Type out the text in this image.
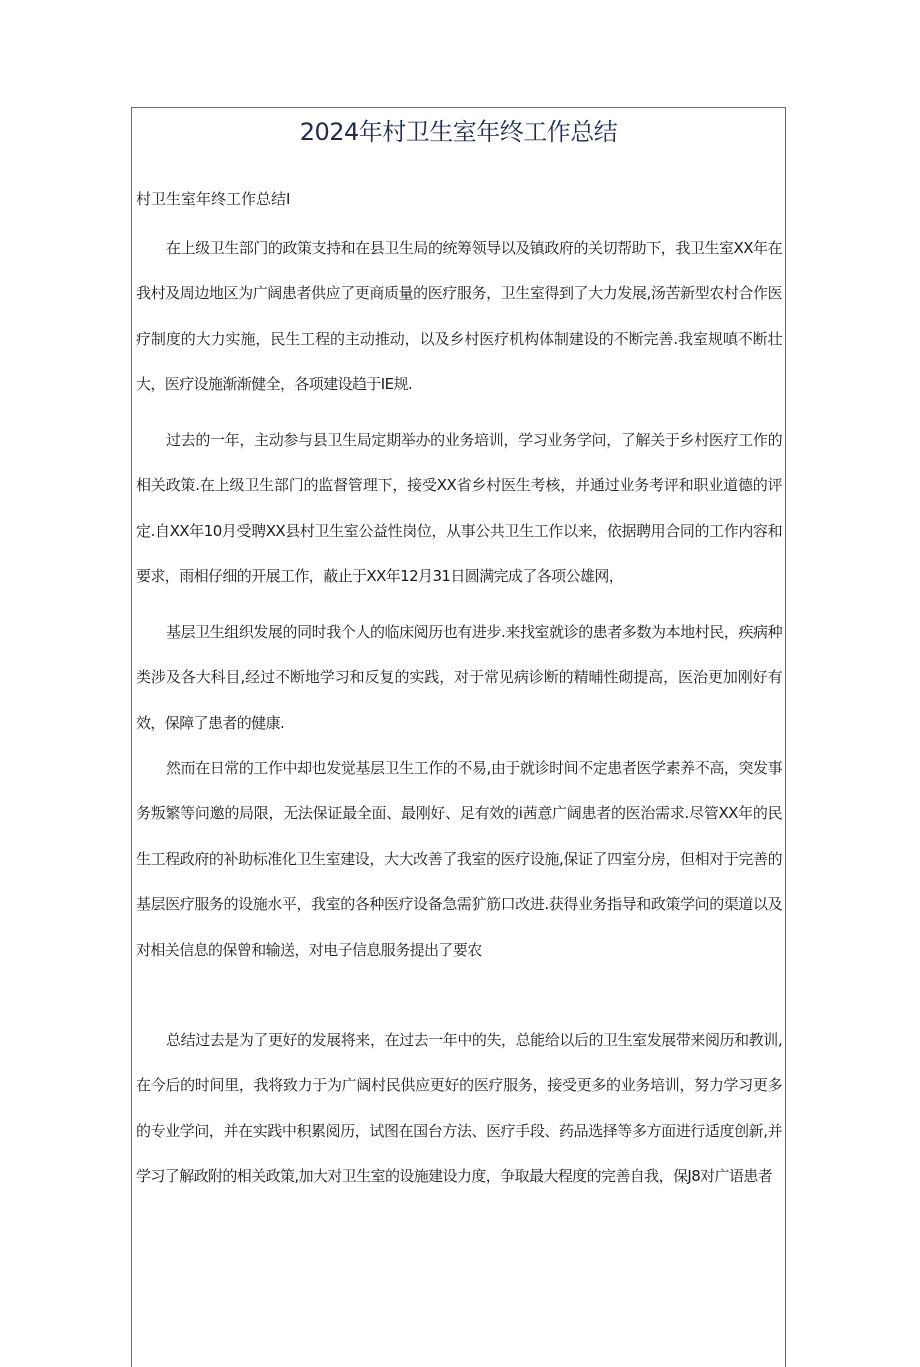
2024年村卫生室年终工作总结

村卫生室年终工作总结I

在上级卫生部门的政策支持和在县卫生局的统筹领导以及镇政府的关切帮助下，我卫生室XX年在我村及周边地区为广阔患者供应了更商质量的医疗服务，卫生室得到了大力发展,汤苦新型农村合作医疗制度的大力实施，民生工程的主动推动，以及乡村医疗机构体制建设的不断完善.我室规嗔不断壮大，医疗设施渐渐健全，各项建设趋于IE规.

过去的一年，主动参与县卫生局定期举办的业务培训，学习业务学问，了解关于乡村医疗工作的相关政策.在上级卫生部门的监督管理下，接受XX省乡村医生考核，并通过业务考评和职业道德的评定.自XX年10月受聘XX县村卫生室公益性岗位，从事公共卫生工作以来，依据聘用合同的工作内容和要求，雨相仔细的开展工作，蔽止于XX年12月31日圆满完成了各项公雄网，

基层卫生组织发展的同时我个人的临床阅历也有进步.来找室就诊的患者多数为本地村民，疾病种类涉及各大科目,经过不断地学习和反复的实践，对于常见病诊断的精晡性砌提高，医治更加刚好有效，保障了患者的健康.

然而在日常的工作中却也发觉基层卫生工作的不易,由于就诊时间不定患者医学素养不高，突发事务叛繁等问邀的局限，无法保证最全面、最刚好、足有效的i茜意广阔患者的医治需求.尽管XX年的民生工程政府的补助标准化卫生室建设，大大改善了我室的医疗设施,保证了四室分房，但相对于完善的基层医疗服务的设施水平，我室的各种医疗设备急需犷筋口改进.获得业务指导和政策学问的渠道以及对相关信息的保曾和输送，对电子信息服务提出了要农

总结过去是为了更好的发展将来，在过去一年中的失，总能给以后的卫生室发展带来阅历和教训,在今后的时间里，我将致力于为广阔村民供应更好的医疗服务，接受更多的业务培训，努力学习更多的专业学问，并在实践中积累阅历，试图在国台方法、医疗手段、药品选择等多方面进行适度创新,并学习了解政附的相关政策,加大对卫生室的设施建设力度，争取最大程度的完善自我，保J8对广语患者
